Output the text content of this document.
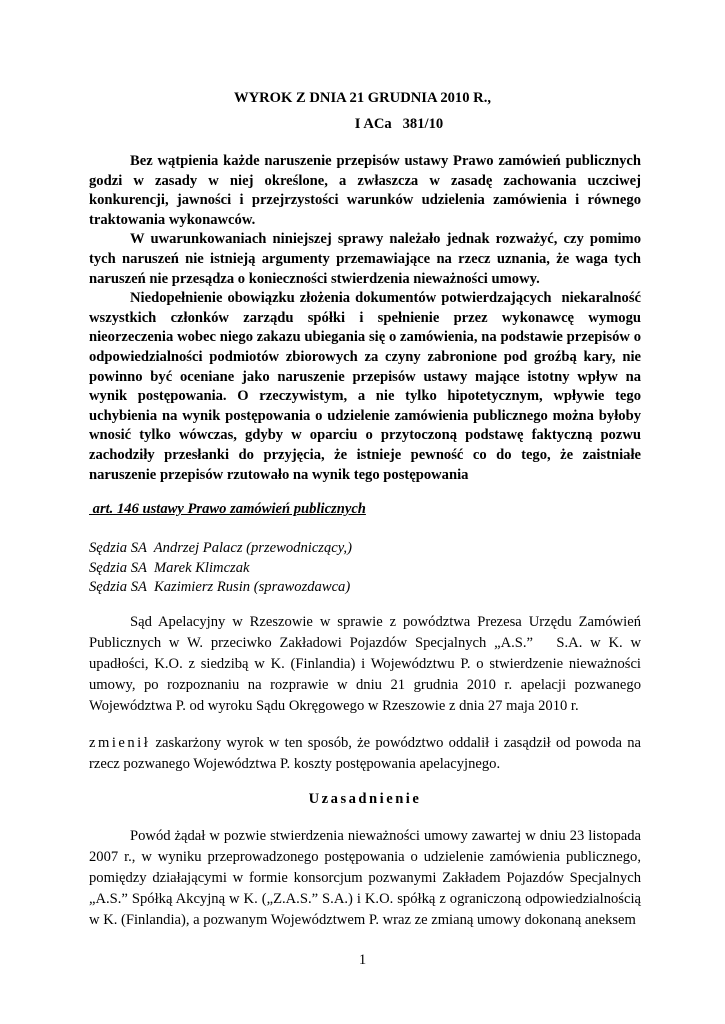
WYROK Z DNIA 21 GRUDNIA 2010 R.,
I ACa   381/10

Bez wątpienia każde naruszenie przepisów ustawy Prawo zamówień publicznych godzi w zasady w niej określone, a zwłaszcza w zasadę zachowania uczciwej konkurencji, jawności i przejrzystości warunków udzielenia zamówienia i równego traktowania wykonawców.

W uwarunkowaniach niniejszej sprawy należało jednak rozważyć, czy pomimo tych naruszeń nie istnieją argumenty przemawiające na rzecz uznania, że waga tych naruszeń nie przesądza o konieczności stwierdzenia nieważności umowy.

Niedopełnienie obowiązku złożenia dokumentów potwierdzających  niekaralność wszystkich członków zarządu spółki i spełnienie przez wykonawcę wymogu nieorzeczenia wobec niego zakazu ubiegania się o zamówienia, na podstawie przepisów o odpowiedzialności podmiotów zbiorowych za czyny zabronione pod groźbą kary, nie powinno być oceniane jako naruszenie przepisów ustawy mające istotny wpływ na wynik postępowania. O rzeczywistym, a nie tylko hipotetycznym, wpływie tego uchybienia na wynik postępowania o udzielenie zamówienia publicznego można byłoby wnosić tylko wówczas, gdyby w oparciu o przytoczoną podstawę faktyczną pozwu zachodziły przesłanki do przyjęcia, że istnieje pewność co do tego, że zaistniałe naruszenie przepisów rzutowało na wynik tego postępowania

art. 146 ustawy Prawo zamówień publicznych

Sędzia SA  Andrzej Palacz (przewodniczący,)

Sędzia SA  Marek Klimczak

Sędzia SA  Kazimierz Rusin (sprawozdawca)

Sąd Apelacyjny w Rzeszowie w sprawie z powództwa Prezesa Urzędu Zamówień Publicznych w W. przeciwko Zakładowi Pojazdów Specjalnych „A.S.”   S.A. w K. w upadłości, K.O. z siedzibą w K. (Finlandia) i Województwu P. o stwierdzenie nieważności umowy, po rozpoznaniu na rozprawie w dniu 21 grudnia 2010 r. apelacji pozwanego Województwa P. od wyroku Sądu Okręgowego w Rzeszowie z dnia 27 maja 2010 r.

zmienił zaskarżony wyrok w ten sposób, że powództwo oddalił i zasądził od powoda na rzecz pozwanego Województwa P. koszty postępowania apelacyjnego.

Uzasadnienie

Powód żądał w pozwie stwierdzenia nieważności umowy zawartej w dniu 23 listopada 2007 r., w wyniku przeprowadzonego postępowania o udzielenie zamówienia publicznego, pomiędzy działającymi w formie konsorcjum pozwanymi Zakładem Pojazdów Specjalnych „A.S.” Spółką Akcyjną w K. („Z.A.S.” S.A.) i K.O. spółką z ograniczoną odpowiedzialnością w K. (Finlandia), a pozwanym Województwem P. wraz ze zmianą umowy dokonaną aneksem

1
